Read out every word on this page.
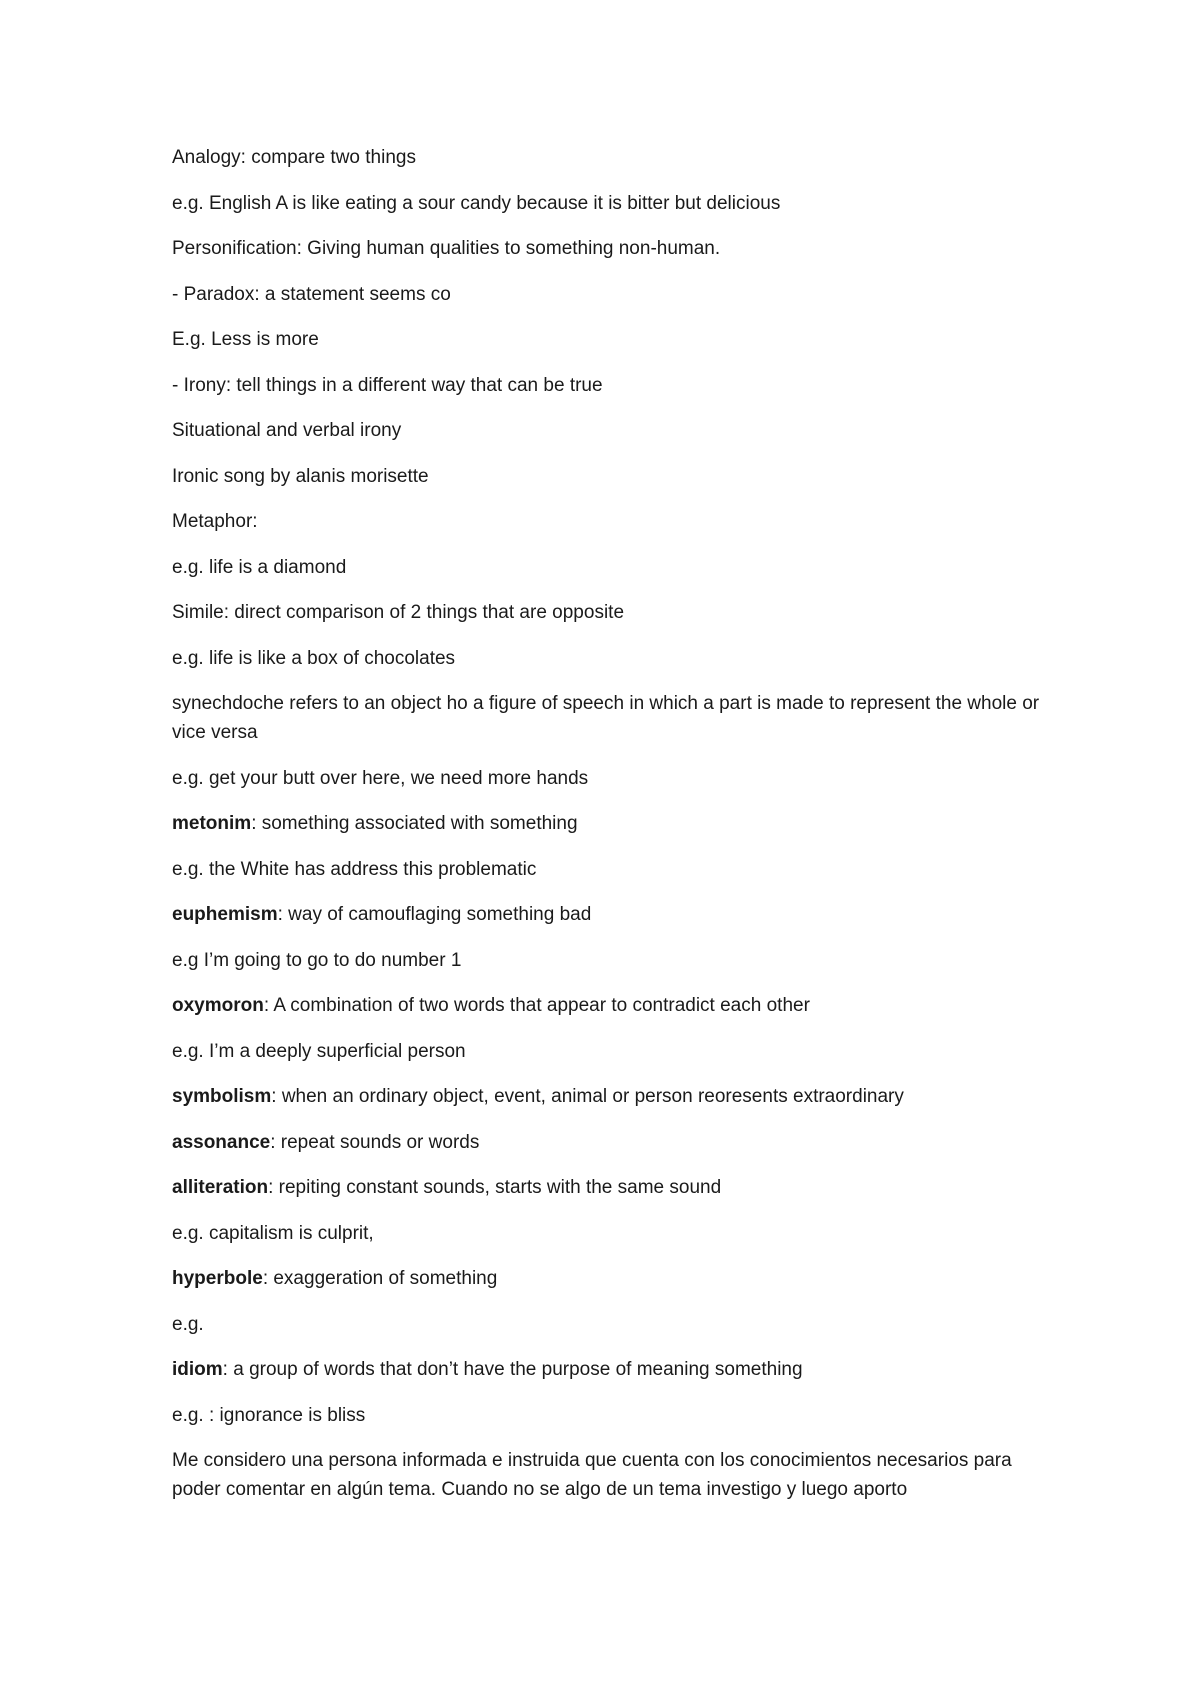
Analogy: compare two things

e.g. English A is like eating a sour candy because it is bitter but delicious

Personification: Giving human qualities to something non-human.

- Paradox: a statement seems co

E.g. Less is more

- Irony: tell things in a different way that can be true

Situational and verbal irony

Ironic song by alanis morisette

Metaphor:

e.g. life is a diamond

Simile: direct comparison of 2 things that are opposite

e.g. life is like a box of chocolates

synechdoche refers to an object ho a figure of speech in which a part is made to represent the whole or vice versa

e.g. get your butt over here, we need more hands

metonim: something associated with something

e.g. the White has address this problematic

euphemism: way of camouflaging something bad

e.g I’m going to go to do number 1

oxymoron: A combination of two words that appear to contradict each other

e.g. I’m a deeply superficial person

symbolism: when an ordinary object, event, animal or person reoresents extraordinary

assonance: repeat sounds or words

alliteration: repiting constant sounds, starts with the same sound

e.g. capitalism is culprit,

hyperbole: exaggeration of something

e.g.

idiom: a group of words that don’t have the purpose of meaning something

e.g. : ignorance is bliss

Me considero una persona informada e instruida que cuenta con los conocimientos necesarios para poder comentar en algún tema. Cuando no se algo de un tema investigo y luego aporto
